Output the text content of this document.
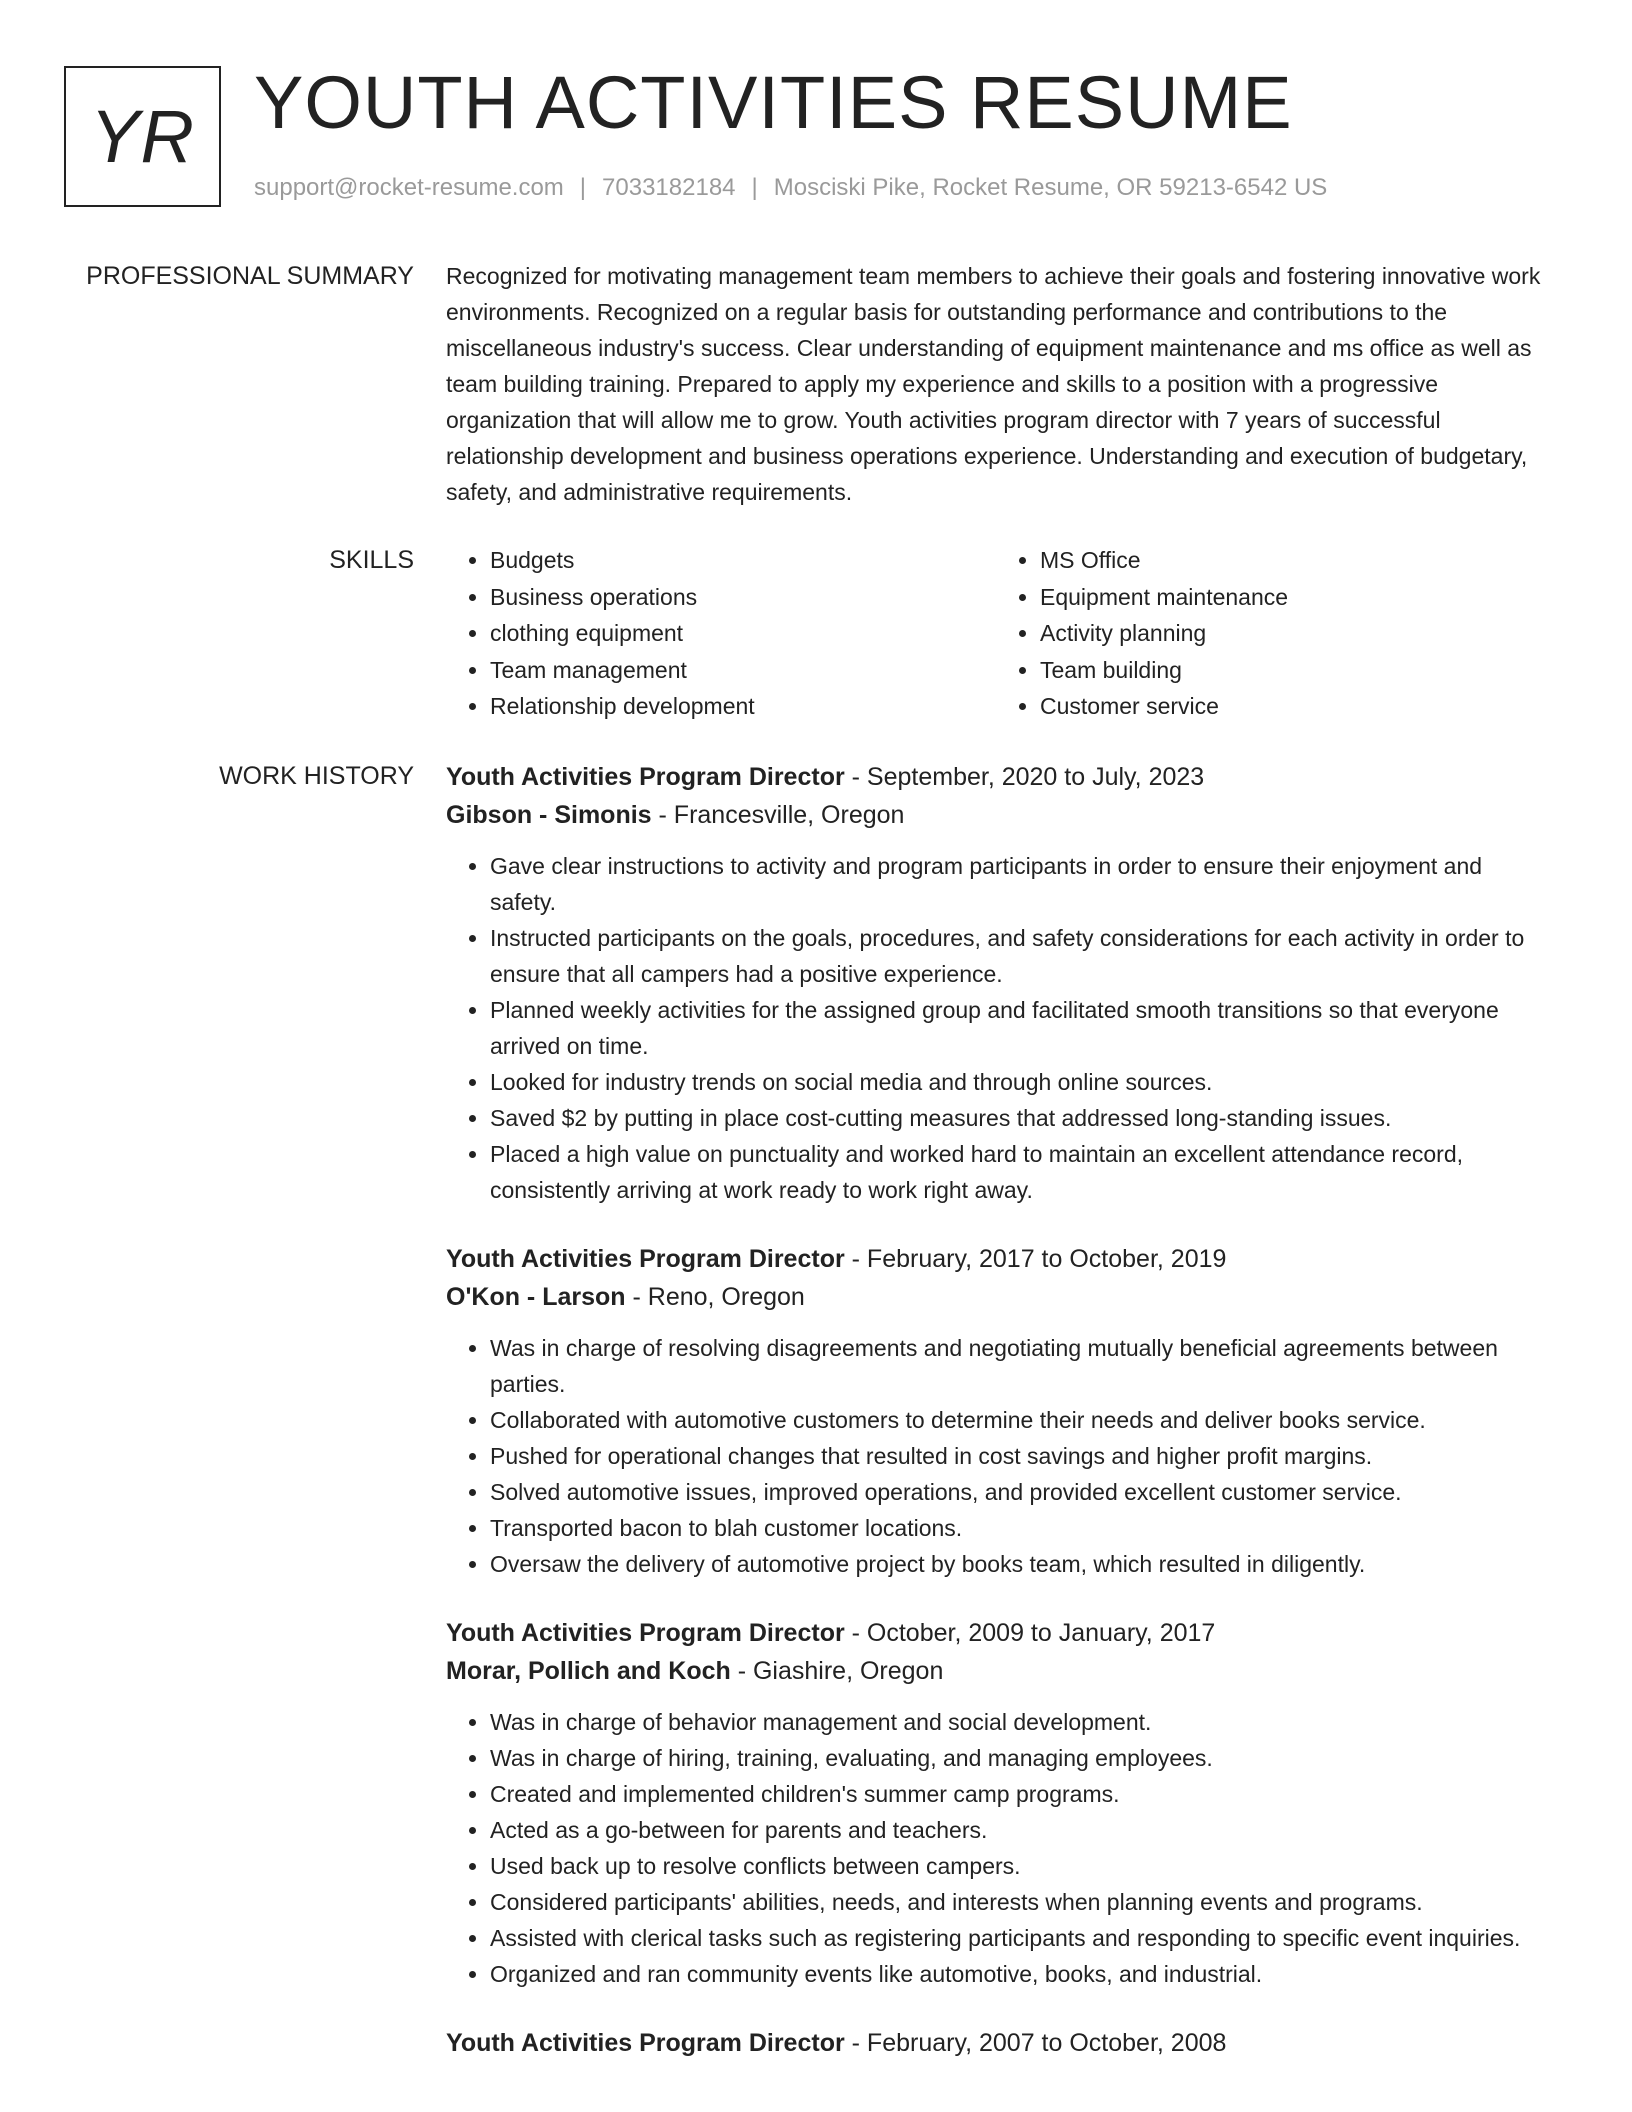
YR YOUTH ACTIVITIES RESUME
support@rocket-resume.com | 7033182184 | Mosciski Pike, Rocket Resume, OR 59213-6542 US
PROFESSIONAL SUMMARY Recognized for motivating management team members to achieve their goals and fostering innovative work environments. Recognized on a regular basis for outstanding performance and contributions to the miscellaneous industry's success. Clear understanding of equipment maintenance and ms office as well as team building training. Prepared to apply my experience and skills to a position with a progressive organization that will allow me to grow. Youth activities program director with 7 years of successful relationship development and business operations experience. Understanding and execution of budgetary, safety, and administrative requirements.

SKILLS
•	Budgets
• Business operations
• clothing equipment
• Team management
• Relationship development
• MS Office
• Equipment maintenance
• Activity planning
• Team building
• Customer service
WORK HISTORY Youth Activities Program Director - September, 2020 to July, 2023
Gibson - Simonis - Francesville, Oregon
• Gave clear instructions to activity and program participants in order to ensure their enjoyment and safety.
• Instructed participants on the goals, procedures, and safety considerations for each activity in order to ensure that all campers had a positive experience.
• Planned weekly activities for the assigned group and facilitated smooth transitions so that everyone arrived on time.
• Looked for industry trends on social media and through online sources.
• Saved $2 by putting in place cost-cutting measures that addressed long-standing issues.
• Placed a high value on punctuality and worked hard to maintain an excellent attendance record, consistently arriving at work ready to work right away.
Youth Activities Program Director - February, 2017 to October, 2019
O'Kon - Larson - Reno, Oregon
• Was in charge of resolving disagreements and negotiating mutually beneficial agreements between parties.
• Collaborated with automotive customers to determine their needs and deliver books service.
• Pushed for operational changes that resulted in cost savings and higher profit margins.
• Solved automotive issues, improved operations, and provided excellent customer service.
• Transported bacon to blah customer locations.
• Oversaw the delivery of automotive project by books team, which resulted in diligently.
Youth Activities Program Director - October, 2009 to January, 2017
Morar, Pollich and Koch - Giashire, Oregon
• Was in charge of behavior management and social development.
• Was in charge of hiring, training, evaluating, and managing employees.
• Created and implemented children's summer camp programs.
• Acted as a go-between for parents and teachers.
• Used back up to resolve conflicts between campers.
• Considered participants' abilities, needs, and interests when planning events and programs.
• Assisted with clerical tasks such as registering participants and responding to specific event inquiries.
• Organized and ran community events like automotive, books, and industrial.
Youth Activities Program Director - February, 2007 to October, 2008
